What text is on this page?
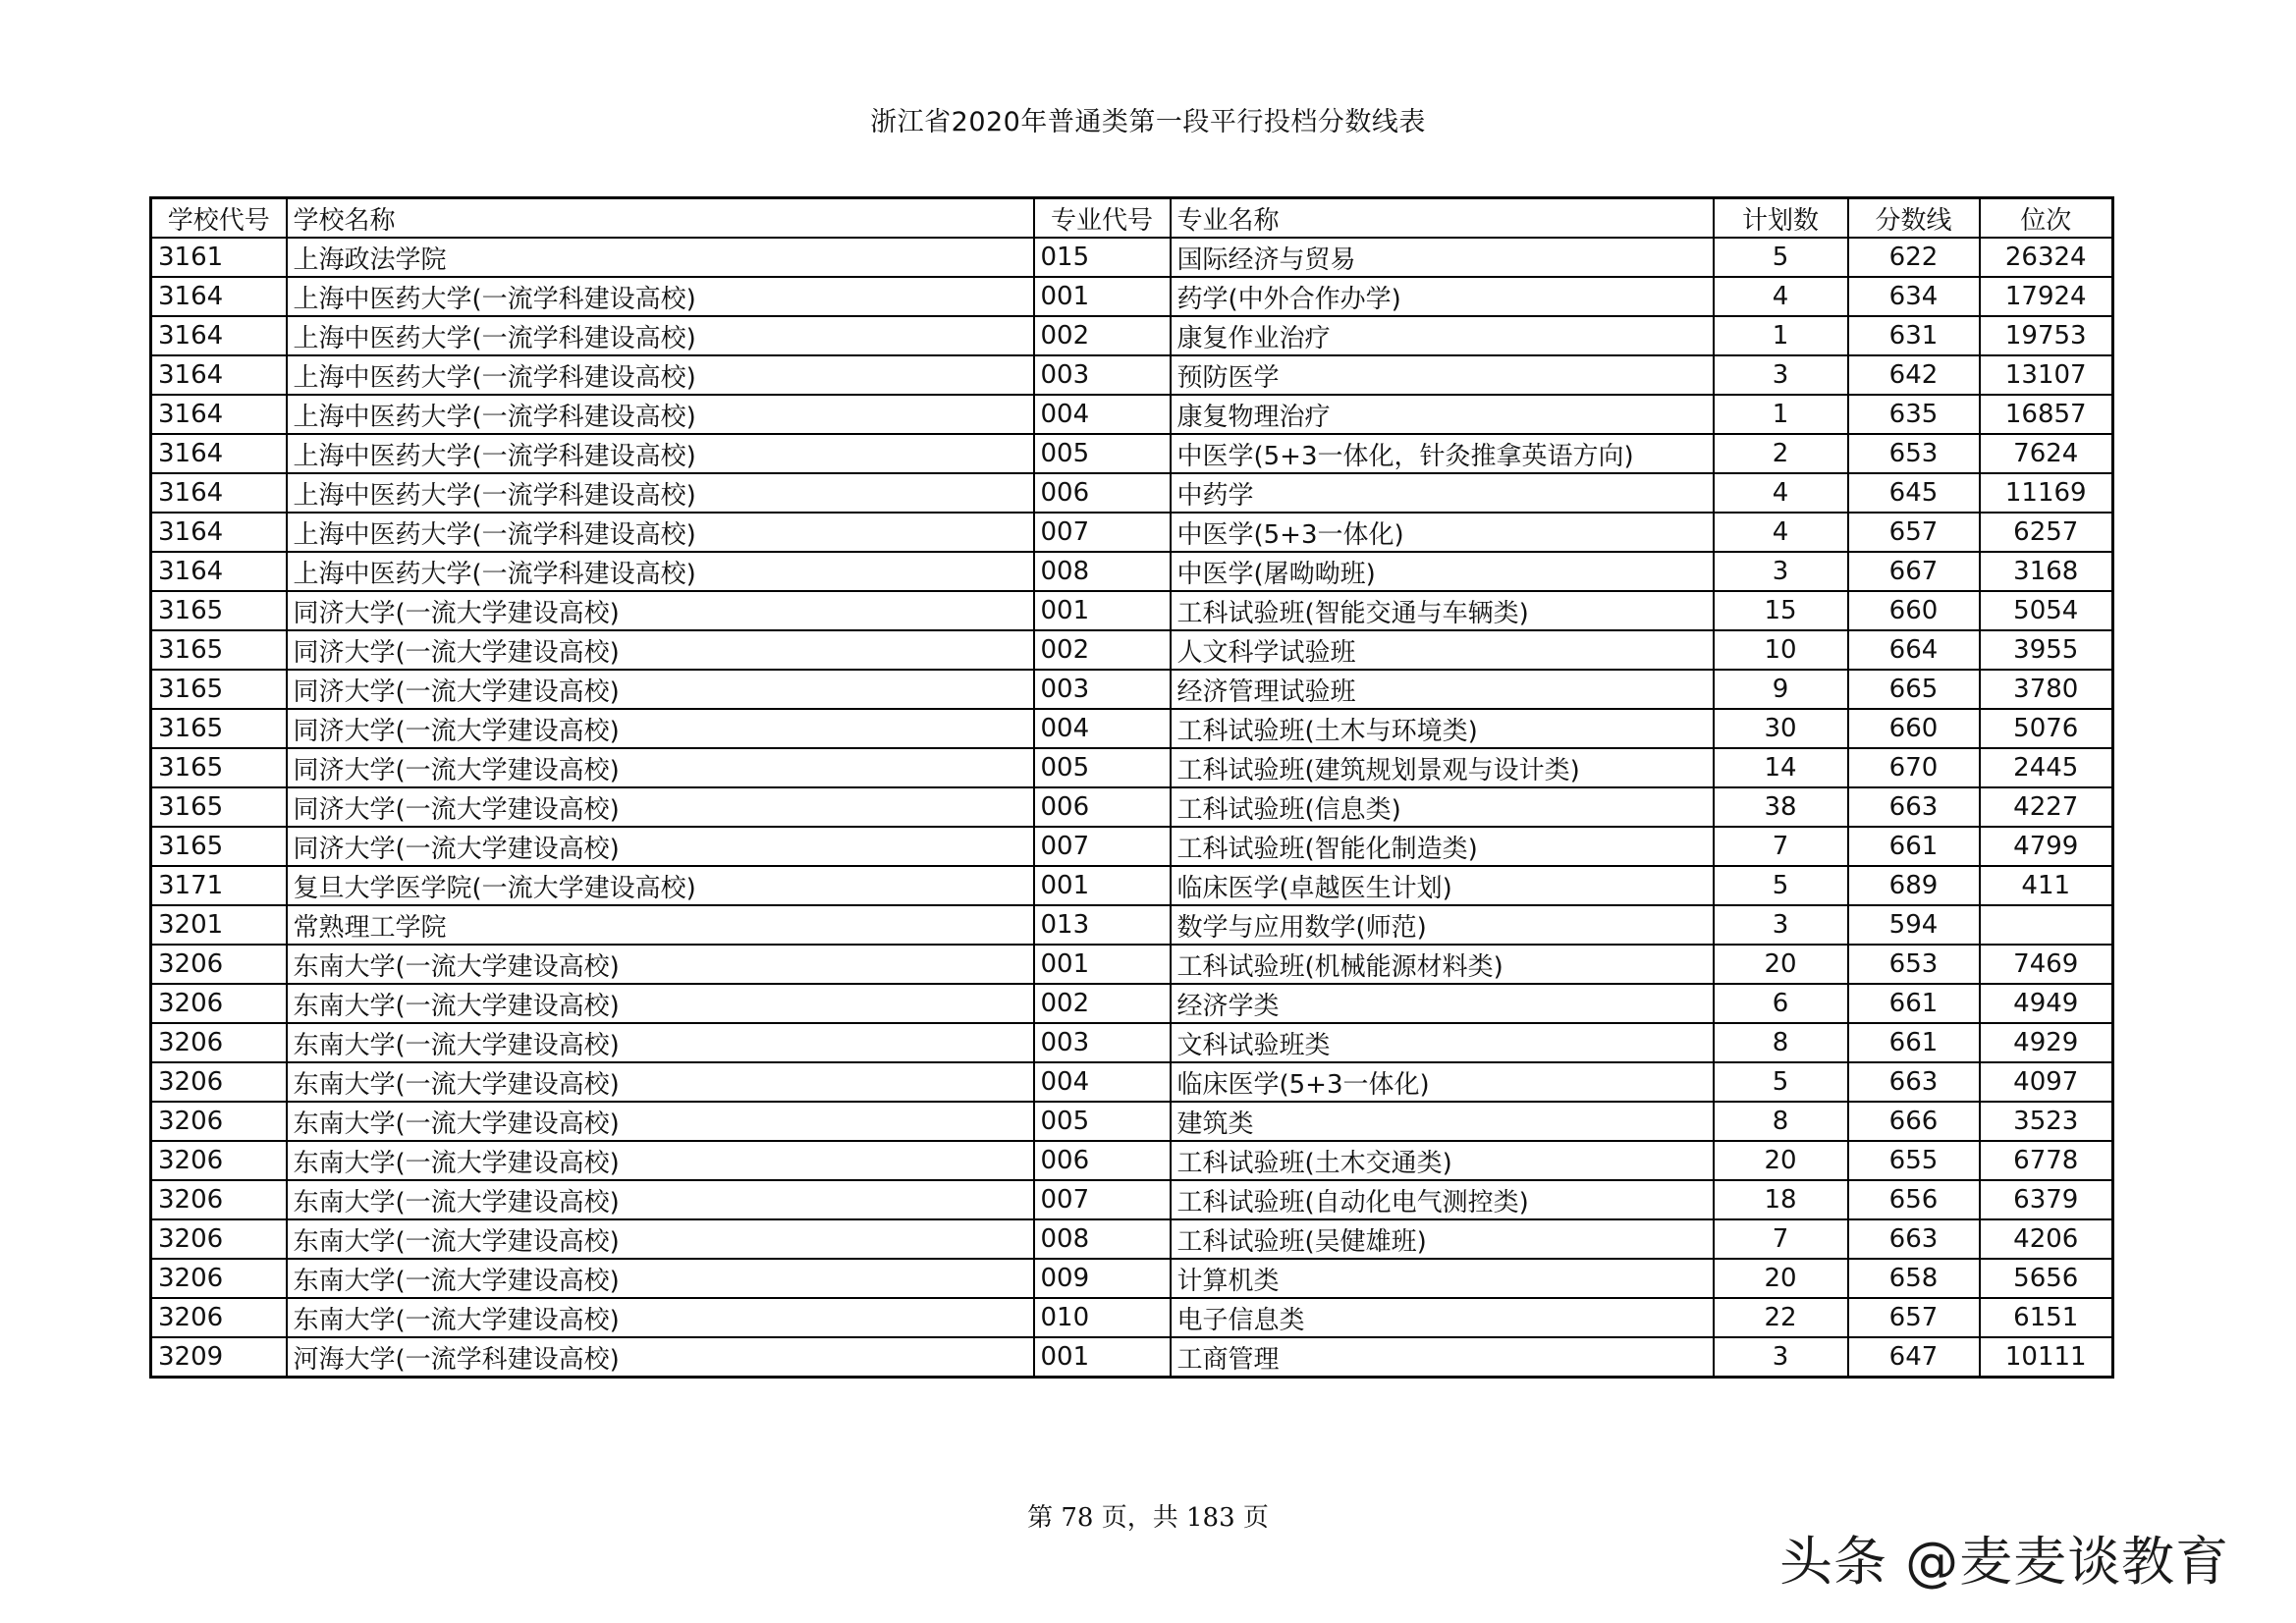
浙江省2020年普通类第一段平行投档分数线表
学校代号	学校名称	专业代号	专业名称	计划数	分数线	位次
3161	上海政法学院	015	国际经济与贸易	5	622	26324
3164	上海中医药大学(一流学科建设高校)	001	药学(中外合作办学)	4	634	17924
3164	上海中医药大学(一流学科建设高校)	002	康复作业治疗	1	631	19753
3164	上海中医药大学(一流学科建设高校)	003	预防医学	3	642	13107
3164	上海中医药大学(一流学科建设高校)	004	康复物理治疗	1	635	16857
3164	上海中医药大学(一流学科建设高校)	005	中医学(5+3一体化，针灸推拿英语方向)	2	653	7624
3164	上海中医药大学(一流学科建设高校)	006	中药学	4	645	11169
3164	上海中医药大学(一流学科建设高校)	007	中医学(5+3一体化)	4	657	6257
3164	上海中医药大学(一流学科建设高校)	008	中医学(屠呦呦班)	3	667	3168
3165	同济大学(一流大学建设高校)	001	工科试验班(智能交通与车辆类)	15	660	5054
3165	同济大学(一流大学建设高校)	002	人文科学试验班	10	664	3955
3165	同济大学(一流大学建设高校)	003	经济管理试验班	9	665	3780
3165	同济大学(一流大学建设高校)	004	工科试验班(土木与环境类)	30	660	5076
3165	同济大学(一流大学建设高校)	005	工科试验班(建筑规划景观与设计类)	14	670	2445
3165	同济大学(一流大学建设高校)	006	工科试验班(信息类)	38	663	4227
3165	同济大学(一流大学建设高校)	007	工科试验班(智能化制造类)	7	661	4799
3171	复旦大学医学院(一流大学建设高校)	001	临床医学(卓越医生计划)	5	689	411
3201	常熟理工学院	013	数学与应用数学(师范)	3	594	
3206	东南大学(一流大学建设高校)	001	工科试验班(机械能源材料类)	20	653	7469
3206	东南大学(一流大学建设高校)	002	经济学类	6	661	4949
3206	东南大学(一流大学建设高校)	003	文科试验班类	8	661	4929
3206	东南大学(一流大学建设高校)	004	临床医学(5+3一体化)	5	663	4097
3206	东南大学(一流大学建设高校)	005	建筑类	8	666	3523
3206	东南大学(一流大学建设高校)	006	工科试验班(土木交通类)	20	655	6778
3206	东南大学(一流大学建设高校)	007	工科试验班(自动化电气测控类)	18	656	6379
3206	东南大学(一流大学建设高校)	008	工科试验班(吴健雄班)	7	663	4206
3206	东南大学(一流大学建设高校)	009	计算机类	20	658	5656
3206	东南大学(一流大学建设高校)	010	电子信息类	22	657	6151
3209	河海大学(一流学科建设高校)	001	工商管理	3	647	10111
第 78 页，共 183 页
头条 @麦麦谈教育
